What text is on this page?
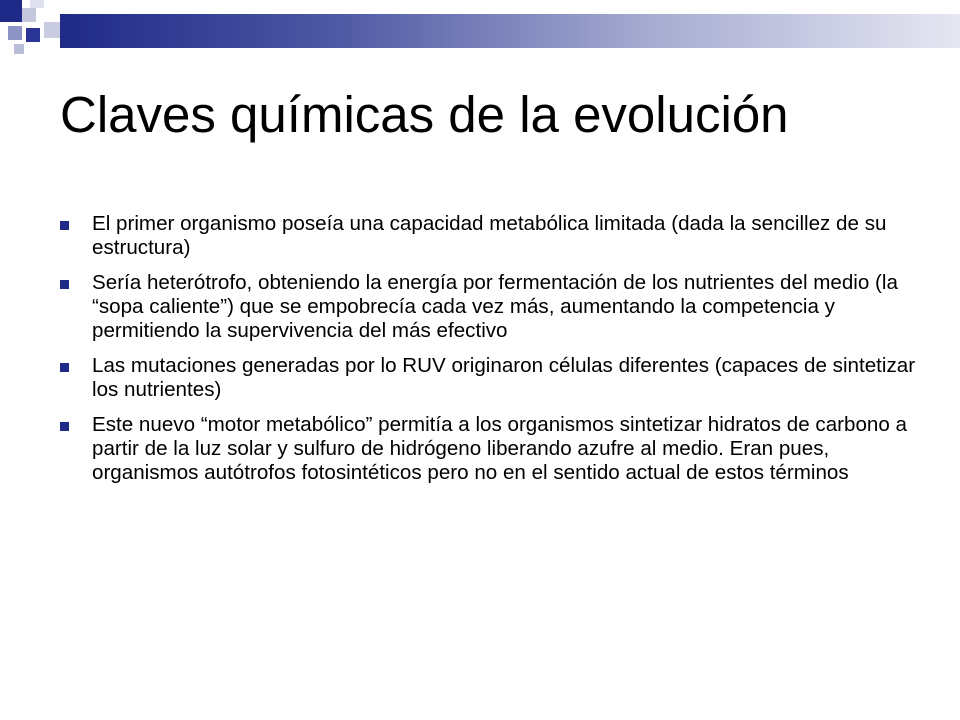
Claves químicas de la evolución
El primer organismo poseía una capacidad metabólica limitada (dada la sencillez de su estructura)
Sería heterótrofo, obteniendo la energía por fermentación de los nutrientes del medio (la “sopa caliente”) que se empobrecía cada vez más, aumentando la competencia y permitiendo la supervivencia del más efectivo
Las mutaciones generadas por lo RUV originaron células diferentes (capaces de sintetizar los nutrientes)
Este nuevo “motor metabólico” permitía a los organismos sintetizar hidratos de carbono a partir de la luz solar y sulfuro de hidrógeno liberando azufre al medio. Eran pues, organismos autótrofos fotosintéticos pero no en el sentido actual de estos términos
